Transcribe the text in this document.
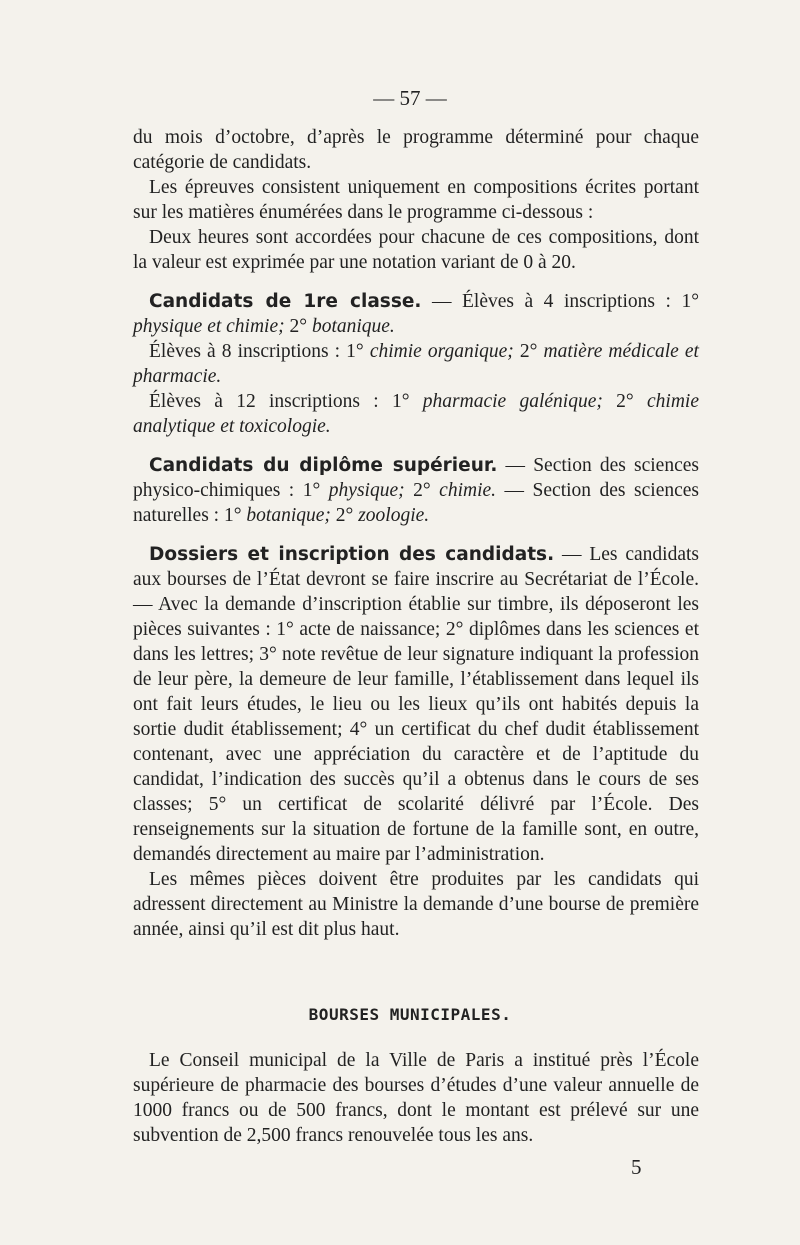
— 57 —

du mois d’octobre, d’après le programme déterminé pour chaque catégorie de candidats.

Les épreuves consistent uniquement en compositions écrites portant sur les matières énumérées dans le programme ci-dessous :

Deux heures sont accordées pour chacune de ces compositions, dont la valeur est exprimée par une notation variant de 0 à 20.

Candidats de 1re classe. — Élèves à 4 inscriptions : 1° physique et chimie; 2° botanique.

Élèves à 8 inscriptions : 1° chimie organique; 2° matière médicale et pharmacie.

Élèves à 12 inscriptions : 1° pharmacie galénique; 2° chimie analytique et toxicologie.

Candidats du diplôme supérieur. — Section des sciences physico-chimiques : 1° physique; 2° chimie. — Section des sciences naturelles : 1° botanique; 2° zoologie.

Dossiers et inscription des candidats. — Les candidats aux bourses de l’État devront se faire inscrire au Secrétariat de l’École. — Avec la demande d’inscription établie sur timbre, ils déposeront les pièces suivantes : 1° acte de naissance; 2° diplômes dans les sciences et dans les lettres; 3° note revêtue de leur signature indiquant la profession de leur père, la demeure de leur famille, l’établissement dans lequel ils ont fait leurs études, le lieu ou les lieux qu’ils ont habités depuis la sortie dudit établissement; 4° un certificat du chef dudit établissement contenant, avec une appréciation du caractère et de l’aptitude du candidat, l’indication des succès qu’il a obtenus dans le cours de ses classes; 5° un certificat de scolarité délivré par l’École. Des renseignements sur la situation de fortune de la famille sont, en outre, demandés directement au maire par l’administration.

Les mêmes pièces doivent être produites par les candidats qui adressent directement au Ministre la demande d’une bourse de première année, ainsi qu’il est dit plus haut.

BOURSES MUNICIPALES.

Le Conseil municipal de la Ville de Paris a institué près l’École supérieure de pharmacie des bourses d’études d’une valeur annuelle de 1000 francs ou de 500 francs, dont le montant est prélevé sur une subvention de 2,500 francs renouvelée tous les ans.

5
